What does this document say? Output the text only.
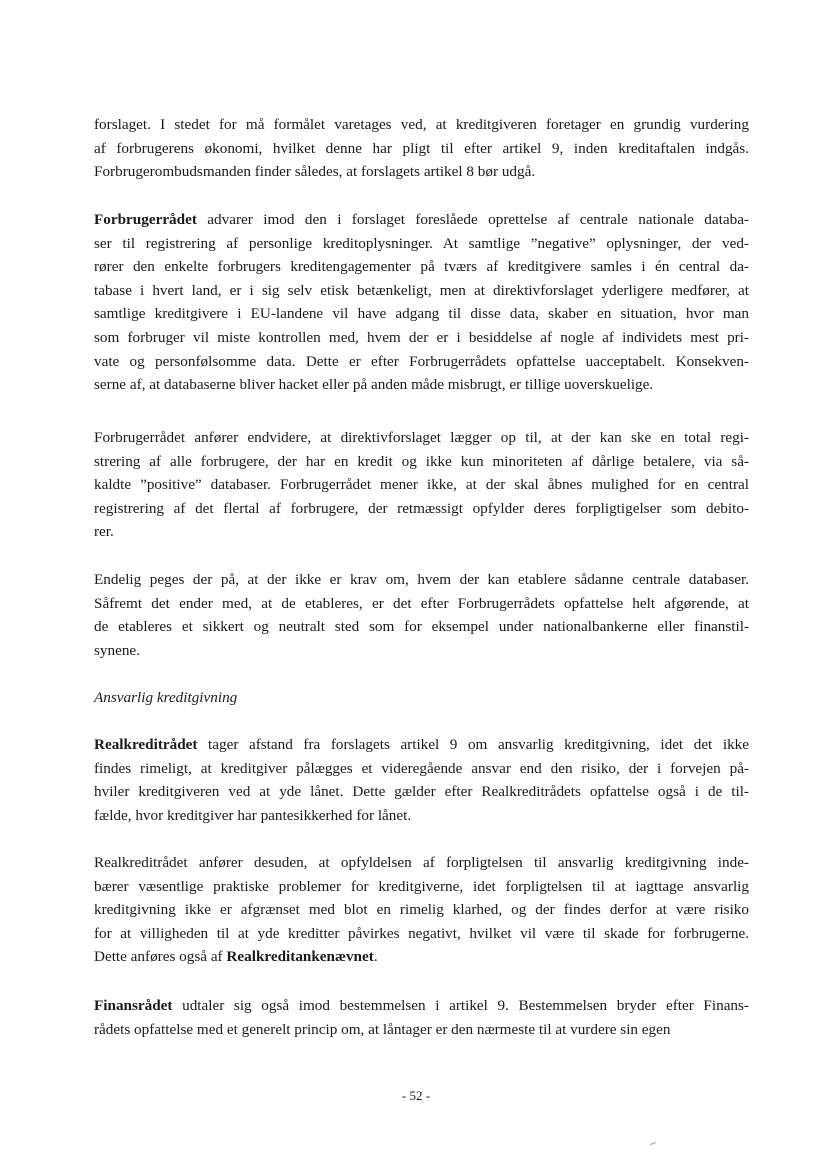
forslaget. I stedet for må formålet varetages ved, at kreditgiveren foretager en grundig vurdering
af forbrugerens økonomi, hvilket denne har pligt til efter artikel 9, inden kreditaftalen indgås.
Forbrugerombudsmanden finder således, at forslagets artikel 8 bør udgå.
Forbrugerrådet advarer imod den i forslaget foreslåede oprettelse af centrale nationale databa-
ser til registrering af personlige kreditoplysninger. At samtlige ”negative” oplysninger, der ved-
rører den enkelte forbrugers kreditengagementer på tværs af kreditgivere samles i én central da-
tabase i hvert land, er i sig selv etisk betænkeligt, men at direktivforslaget yderligere medfører, at
samtlige kreditgivere i EU-landene vil have adgang til disse data, skaber en situation, hvor man
som forbruger vil miste kontrollen med, hvem der er i besiddelse af nogle af individets mest pri-
vate og personfølsomme data. Dette er efter Forbrugerrådets opfattelse uacceptabelt. Konsekven-
serne af, at databaserne bliver hacket eller på anden måde misbrugt, er tillige uoverskuelige.
Forbrugerrådet anfører endvidere, at direktivforslaget lægger op til, at der kan ske en total regi-
strering af alle forbrugere, der har en kredit og ikke kun minoriteten af dårlige betalere, via så-
kaldte ”positive” databaser. Forbrugerrådet mener ikke, at der skal åbnes mulighed for en central
registrering af det flertal af forbrugere, der retmæssigt opfylder deres forpligtigelser som debito-
rer.
Endelig peges der på, at der ikke er krav om, hvem der kan etablere sådanne centrale databaser.
Såfremt det ender med, at de etableres, er det efter Forbrugerrådets opfattelse helt afgørende, at
de etableres et sikkert og neutralt sted som for eksempel under nationalbankerne eller finanstil-
synene.
Ansvarlig kreditgivning
Realkreditrådet tager afstand fra forslagets artikel 9 om ansvarlig kreditgivning, idet det ikke
findes rimeligt, at kreditgiver pålægges et videregående ansvar end den risiko, der i forvejen på-
hviler kreditgiveren ved at yde lånet. Dette gælder efter Realkreditrådets opfattelse også i de til-
fælde, hvor kreditgiver har pantesikkerhed for lånet.
Realkreditrådet anfører desuden, at opfyldelsen af forpligtelsen til ansvarlig kreditgivning inde-
bærer væsentlige praktiske problemer for kreditgiverne, idet forpligtelsen til at iagttage ansvarlig
kreditgivning ikke er afgrænset med blot en rimelig klarhed, og der findes derfor at være risiko
for at villigheden til at yde kreditter påvirkes negativt, hvilket vil være til skade for forbrugerne.
Dette anføres også af Realkreditankenævnet.
Finansrådet udtaler sig også imod bestemmelsen i artikel 9. Bestemmelsen bryder efter Finans-
rådets opfattelse med et generelt princip om, at låntager er den nærmeste til at vurdere sin egen
- 52 -
